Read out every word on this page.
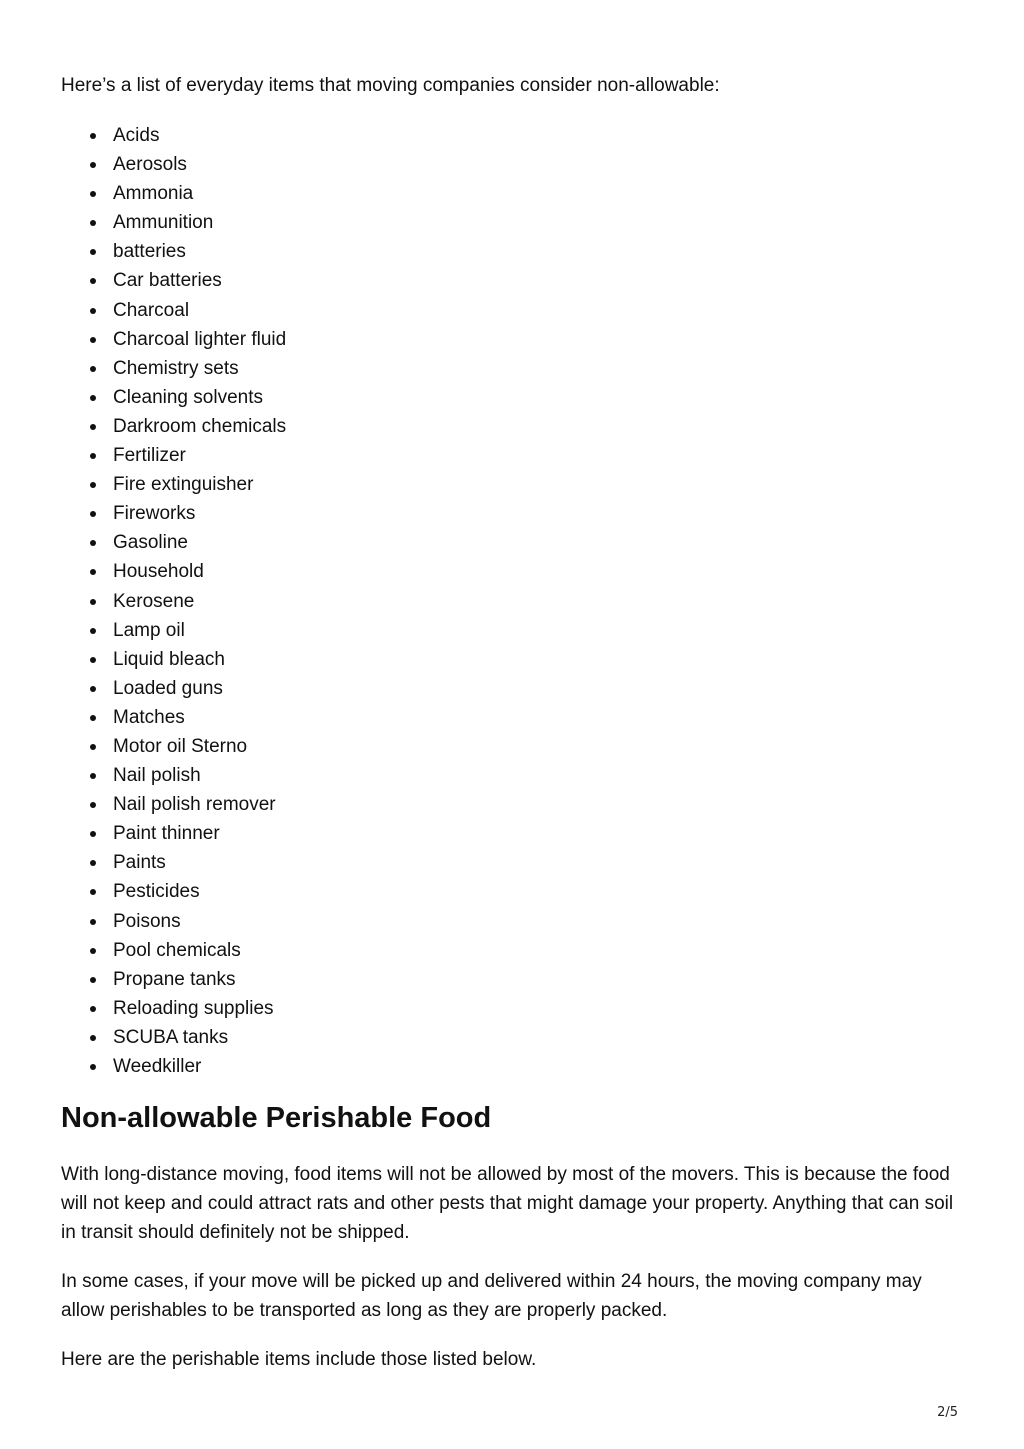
Here’s a list of everyday items that moving companies consider non-allowable:

Acids
Aerosols
Ammonia
Ammunition
batteries
Car batteries
Charcoal
Charcoal lighter fluid
Chemistry sets
Cleaning solvents
Darkroom chemicals
Fertilizer
Fire extinguisher
Fireworks
Gasoline
Household
Kerosene
Lamp oil
Liquid bleach
Loaded guns
Matches
Motor oil Sterno
Nail polish
Nail polish remover
Paint thinner
Paints
Pesticides
Poisons
Pool chemicals
Propane tanks
Reloading supplies
SCUBA tanks
Weedkiller
Non-allowable Perishable Food

With long-distance moving, food items will not be allowed by most of the movers. This is because the food will not keep and could attract rats and other pests that might damage your property. Anything that can soil in transit should definitely not be shipped.

In some cases, if your move will be picked up and delivered within 24 hours, the moving company may allow perishables to be transported as long as they are properly packed.

Here are the perishable items include those listed below.

2/5
